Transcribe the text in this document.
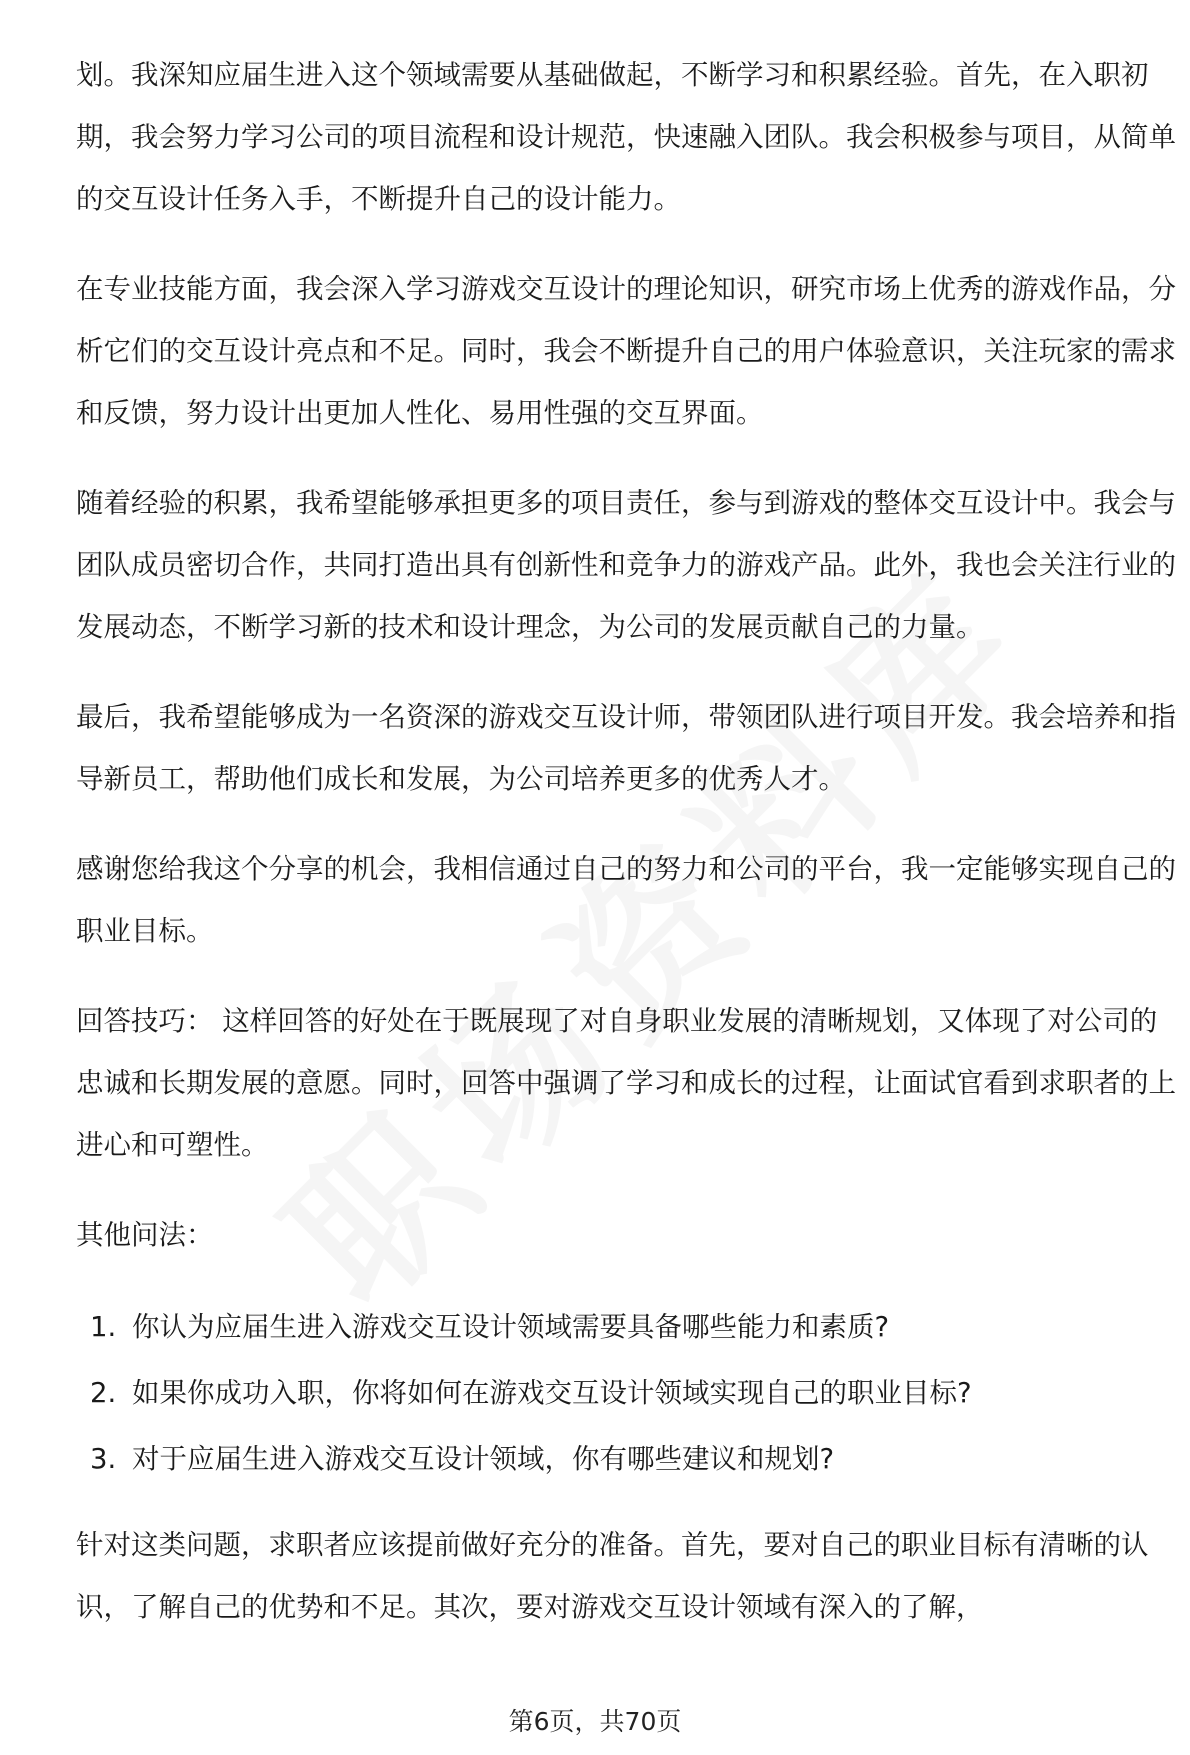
划。我深知应届生进入这个领域需要从基础做起，不断学习和积累经验。首先，在入职初期，我会努力学习公司的项目流程和设计规范，快速融入团队。我会积极参与项目，从简单的交互设计任务入手，不断提升自己的设计能力。

在专业技能方面，我会深入学习游戏交互设计的理论知识，研究市场上优秀的游戏作品，分析它们的交互设计亮点和不足。同时，我会不断提升自己的用户体验意识，关注玩家的需求和反馈，努力设计出更加人性化、易用性强的交互界面。

随着经验的积累，我希望能够承担更多的项目责任，参与到游戏的整体交互设计中。我会与团队成员密切合作，共同打造出具有创新性和竞争力的游戏产品。此外，我也会关注行业的发展动态，不断学习新的技术和设计理念，为公司的发展贡献自己的力量。

最后，我希望能够成为一名资深的游戏交互设计师，带领团队进行项目开发。我会培养和指导新员工，帮助他们成长和发展，为公司培养更多的优秀人才。

感谢您给我这个分享的机会，我相信通过自己的努力和公司的平台，我一定能够实现自己的职业目标。

回答技巧： 这样回答的好处在于既展现了对自身职业发展的清晰规划，又体现了对公司的忠诚和长期发展的意愿。同时，回答中强调了学习和成长的过程，让面试官看到求职者的上进心和可塑性。

其他问法：

1. 你认为应届生进入游戏交互设计领域需要具备哪些能力和素质?
2. 如果你成功入职，你将如何在游戏交互设计领域实现自己的职业目标?
3. 对于应届生进入游戏交互设计领域，你有哪些建议和规划?

针对这类问题，求职者应该提前做好充分的准备。首先，要对自己的职业目标有清晰的认识，了解自己的优势和不足。其次，要对游戏交互设计领域有深入的了解，

第6页，共70页
